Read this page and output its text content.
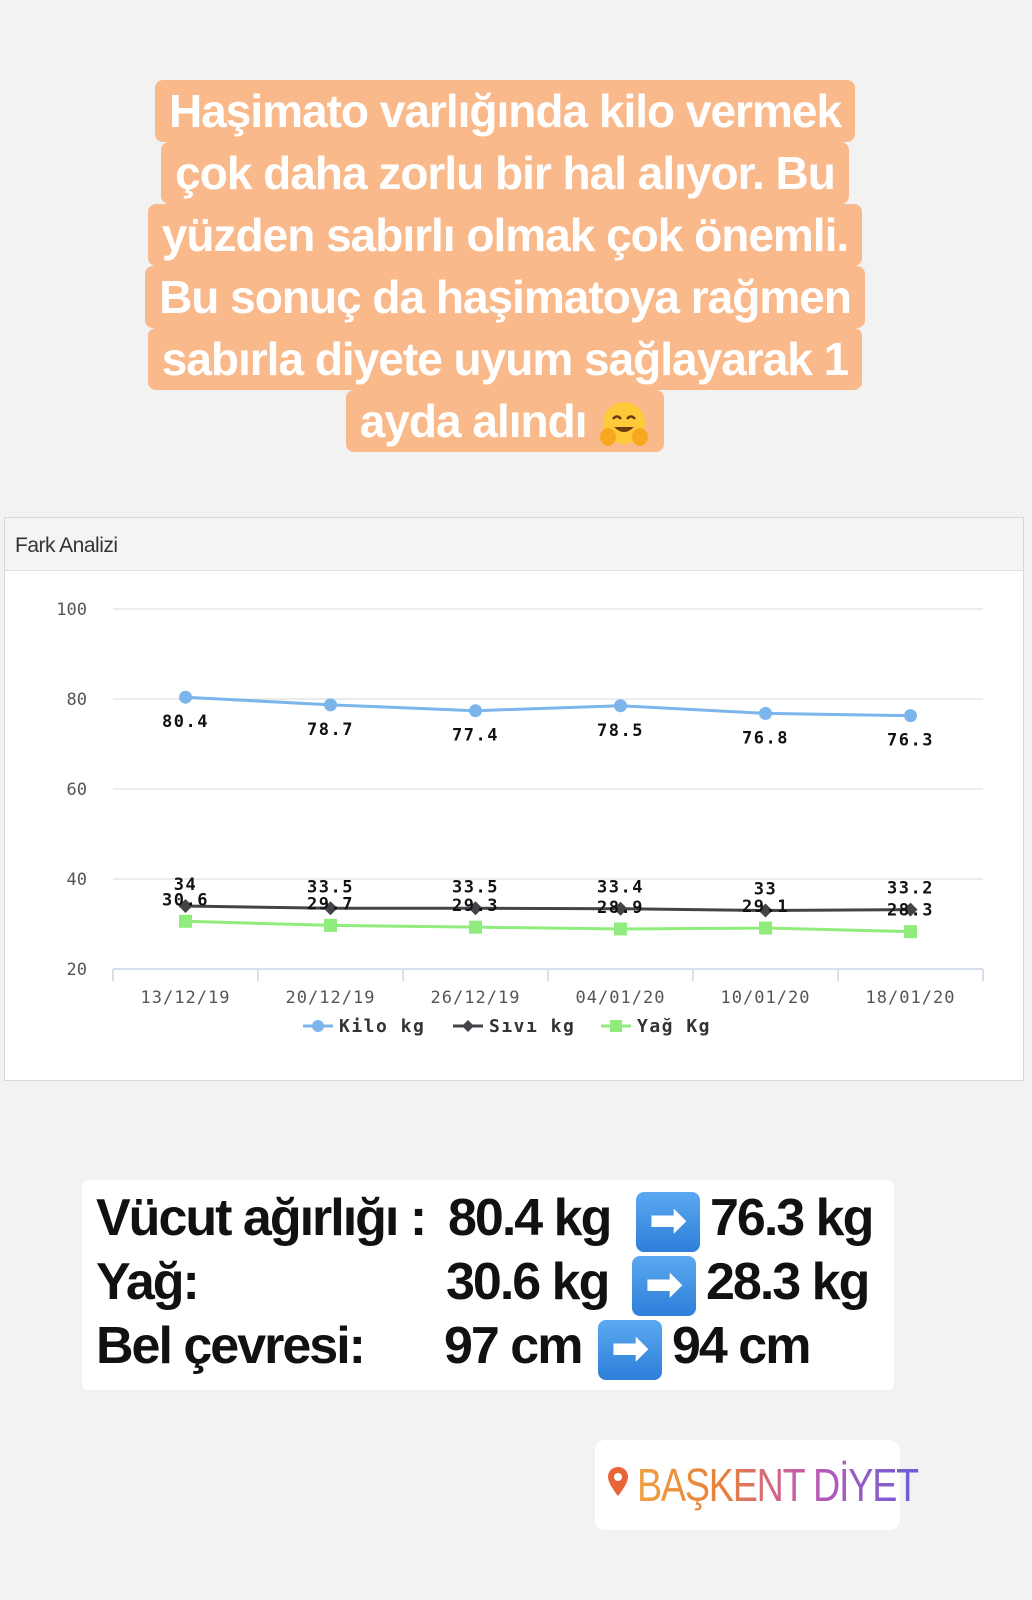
Haşimato varlığında kilo vermek
çok daha zorlu bir hal alıyor. Bu
yüzden sabırlı olmak çok önemli.
Bu sonuç da haşimatoya rağmen
sabırla diyete uyum sağlayarak 1
ayda alındı
Fark Analizi
20
40
60
80
100
13/12/19	20/12/19	26/12/19	04/01/20	10/01/20	18/01/20
80.4	78.7	77.4	78.5	76.8	76.3
34	33.5	33.5	33.4	33	33.2
30.6	29.7	29.3	28.9	29.1	28.3
Kilo kg	Sıvı kg	Yağ Kg
Vücut ağırlığı : 80.4 kg ➡ 76.3 kg
Yağ:	30.6 kg ➡ 28.3 kg
Bel çevresi: 97 cm ➡ 94 cm
BAŞKENT DİYET
